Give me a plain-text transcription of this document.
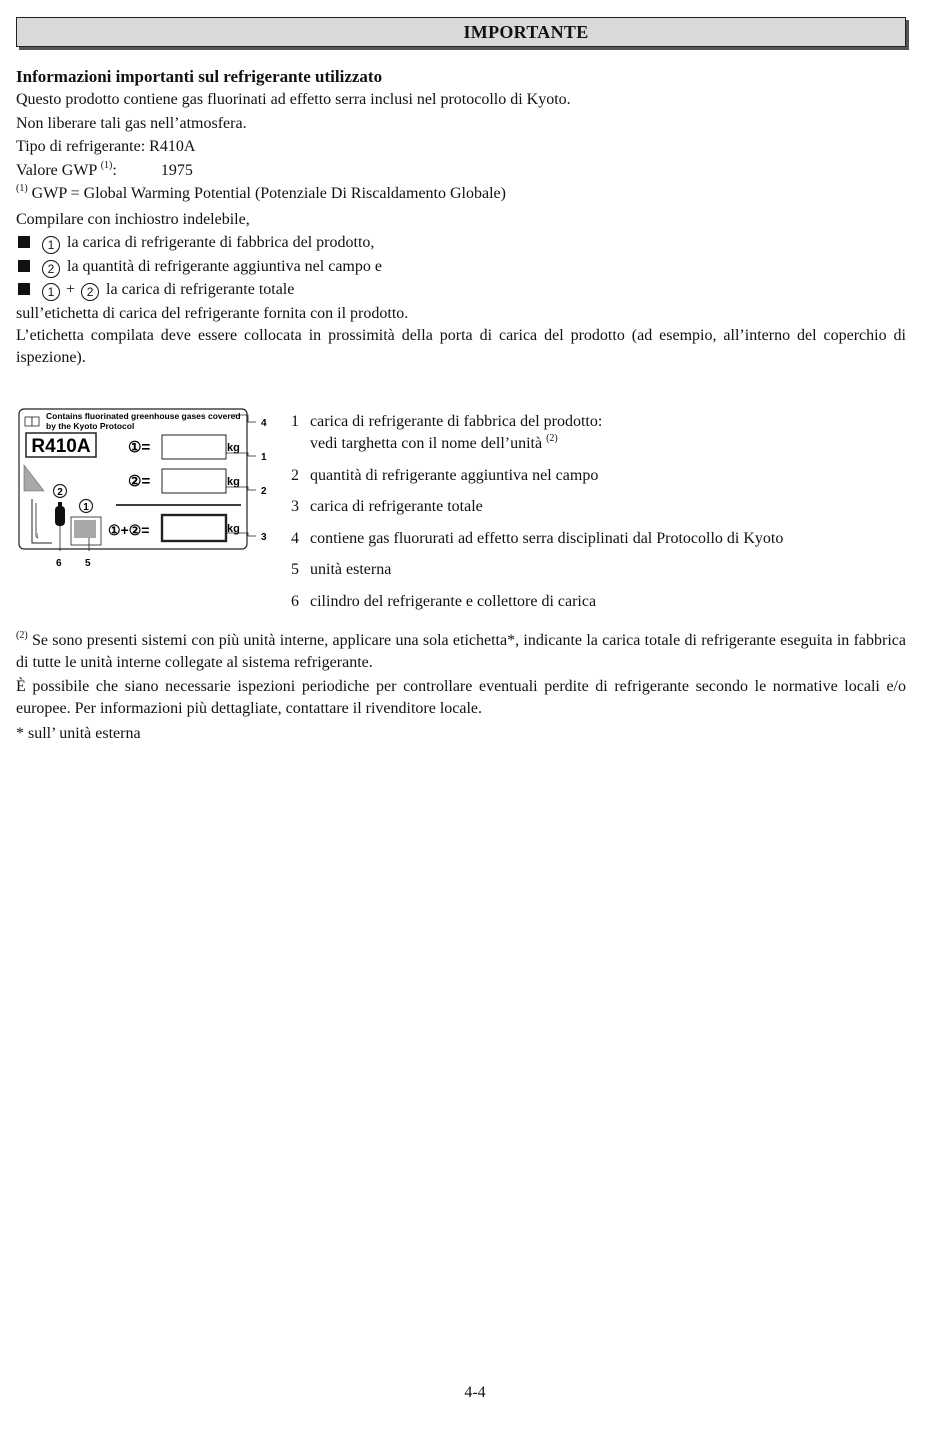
IMPORTANTE
Informazioni importanti sul refrigerante utilizzato
Questo prodotto contiene gas fluorinati ad effetto serra inclusi nel protocollo di Kyoto.
Non liberare tali gas nell’atmosfera.
Tipo di refrigerante: R410A
Valore GWP $^{(1)}$:	1975
$^{(1)}$ GWP = Global Warming Potential (Potenziale Di Riscaldamento Globale)
Compilare con inchiostro indelebile,
1 la carica di refrigerante di fabbrica del prodotto,
2 la quantità di refrigerante aggiuntiva nel campo e
1 + 2 la carica di refrigerante totale
sull’etichetta di carica del refrigerante fornita con il prodotto.
L’etichetta compilata deve essere collocata in prossimità della porta di carica del prodotto (ad esempio, all’interno del coperchio di ispezione).
Contains fluorinated greenhouse gases covered
by the Kyoto Protocol
R410A ①=	kg
②=	kg
①+②=	kg
↓
2
1
4
1
2
3
6 5
1 carica di refrigerante di fabbrica del prodotto:
vedi targhetta con il nome dell’unità $^{(2)}$
2 quantità di refrigerante aggiuntiva nel campo
3 carica di refrigerante totale
4 contiene gas fluorurati ad effetto serra disciplinati dal Protocollo di Kyoto
5 unità esterna
6 cilindro del refrigerante e collettore di carica
$^{(2)}$ Se sono presenti sistemi con più unità interne, applicare una sola etichetta*, indicante la carica totale di refrigerante eseguita in fabbrica di tutte le unità interne collegate al sistema refrigerante.
È possibile che siano necessarie ispezioni periodiche per controllare eventuali perdite di refrigerante secondo le normative locali e/o europee. Per informazioni più dettagliate, contattare il rivenditore locale.
* sull’ unità esterna
4-4
